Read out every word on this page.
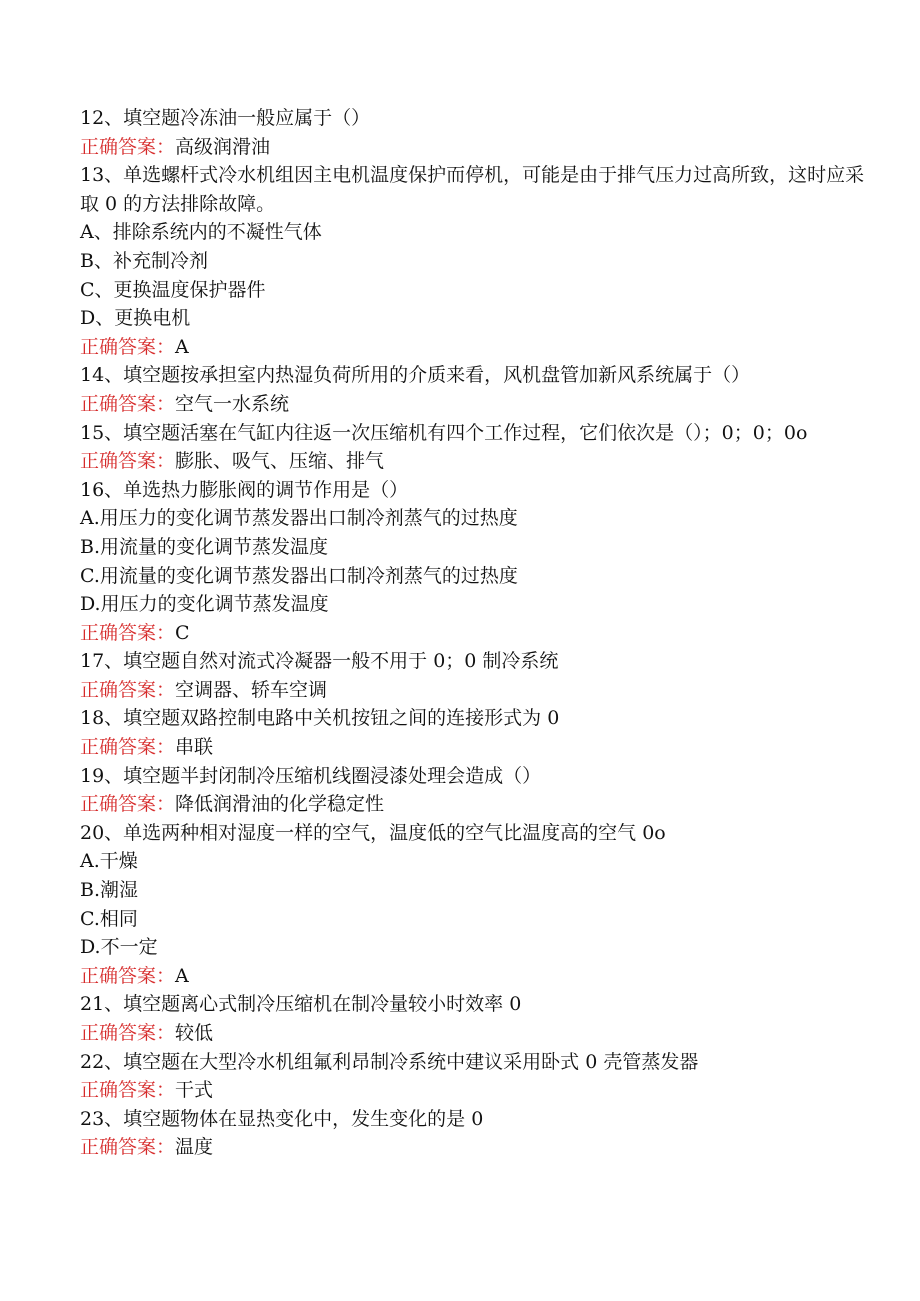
12、填空题冷冻油一般应属于（）
正确答案：高级润滑油
13、单选螺杆式冷水机组因主电机温度保护而停机，可能是由于排气压力过高所致，这时应采取 0 的方法排除故障。
A、排除系统内的不凝性气体
B、补充制冷剂
C、更换温度保护器件
D、更换电机
正确答案：A
14、填空题按承担室内热湿负荷所用的介质来看，风机盘管加新风系统属于（）
正确答案：空气一水系统
15、填空题活塞在气缸内往返一次压缩机有四个工作过程，它们依次是（）；0；0；0o
正确答案：膨胀、吸气、压缩、排气
16、单选热力膨胀阀的调节作用是（）
A.用压力的变化调节蒸发器出口制冷剂蒸气的过热度
B.用流量的变化调节蒸发温度
C.用流量的变化调节蒸发器出口制冷剂蒸气的过热度
D.用压力的变化调节蒸发温度
正确答案：C
17、填空题自然对流式冷凝器一般不用于 0；0 制冷系统
正确答案：空调器、轿车空调
18、填空题双路控制电路中关机按钮之间的连接形式为 0
正确答案：串联
19、填空题半封闭制冷压缩机线圈浸漆处理会造成（）
正确答案：降低润滑油的化学稳定性
20、单选两种相对湿度一样的空气，温度低的空气比温度高的空气 0o
A.干燥
B.潮湿
C.相同
D.不一定
正确答案：A
21、填空题离心式制冷压缩机在制冷量较小时效率 0
正确答案：较低
22、填空题在大型冷水机组氟利昂制冷系统中建议采用卧式 0 壳管蒸发器
正确答案：干式
23、填空题物体在显热变化中，发生变化的是 0
正确答案：温度
